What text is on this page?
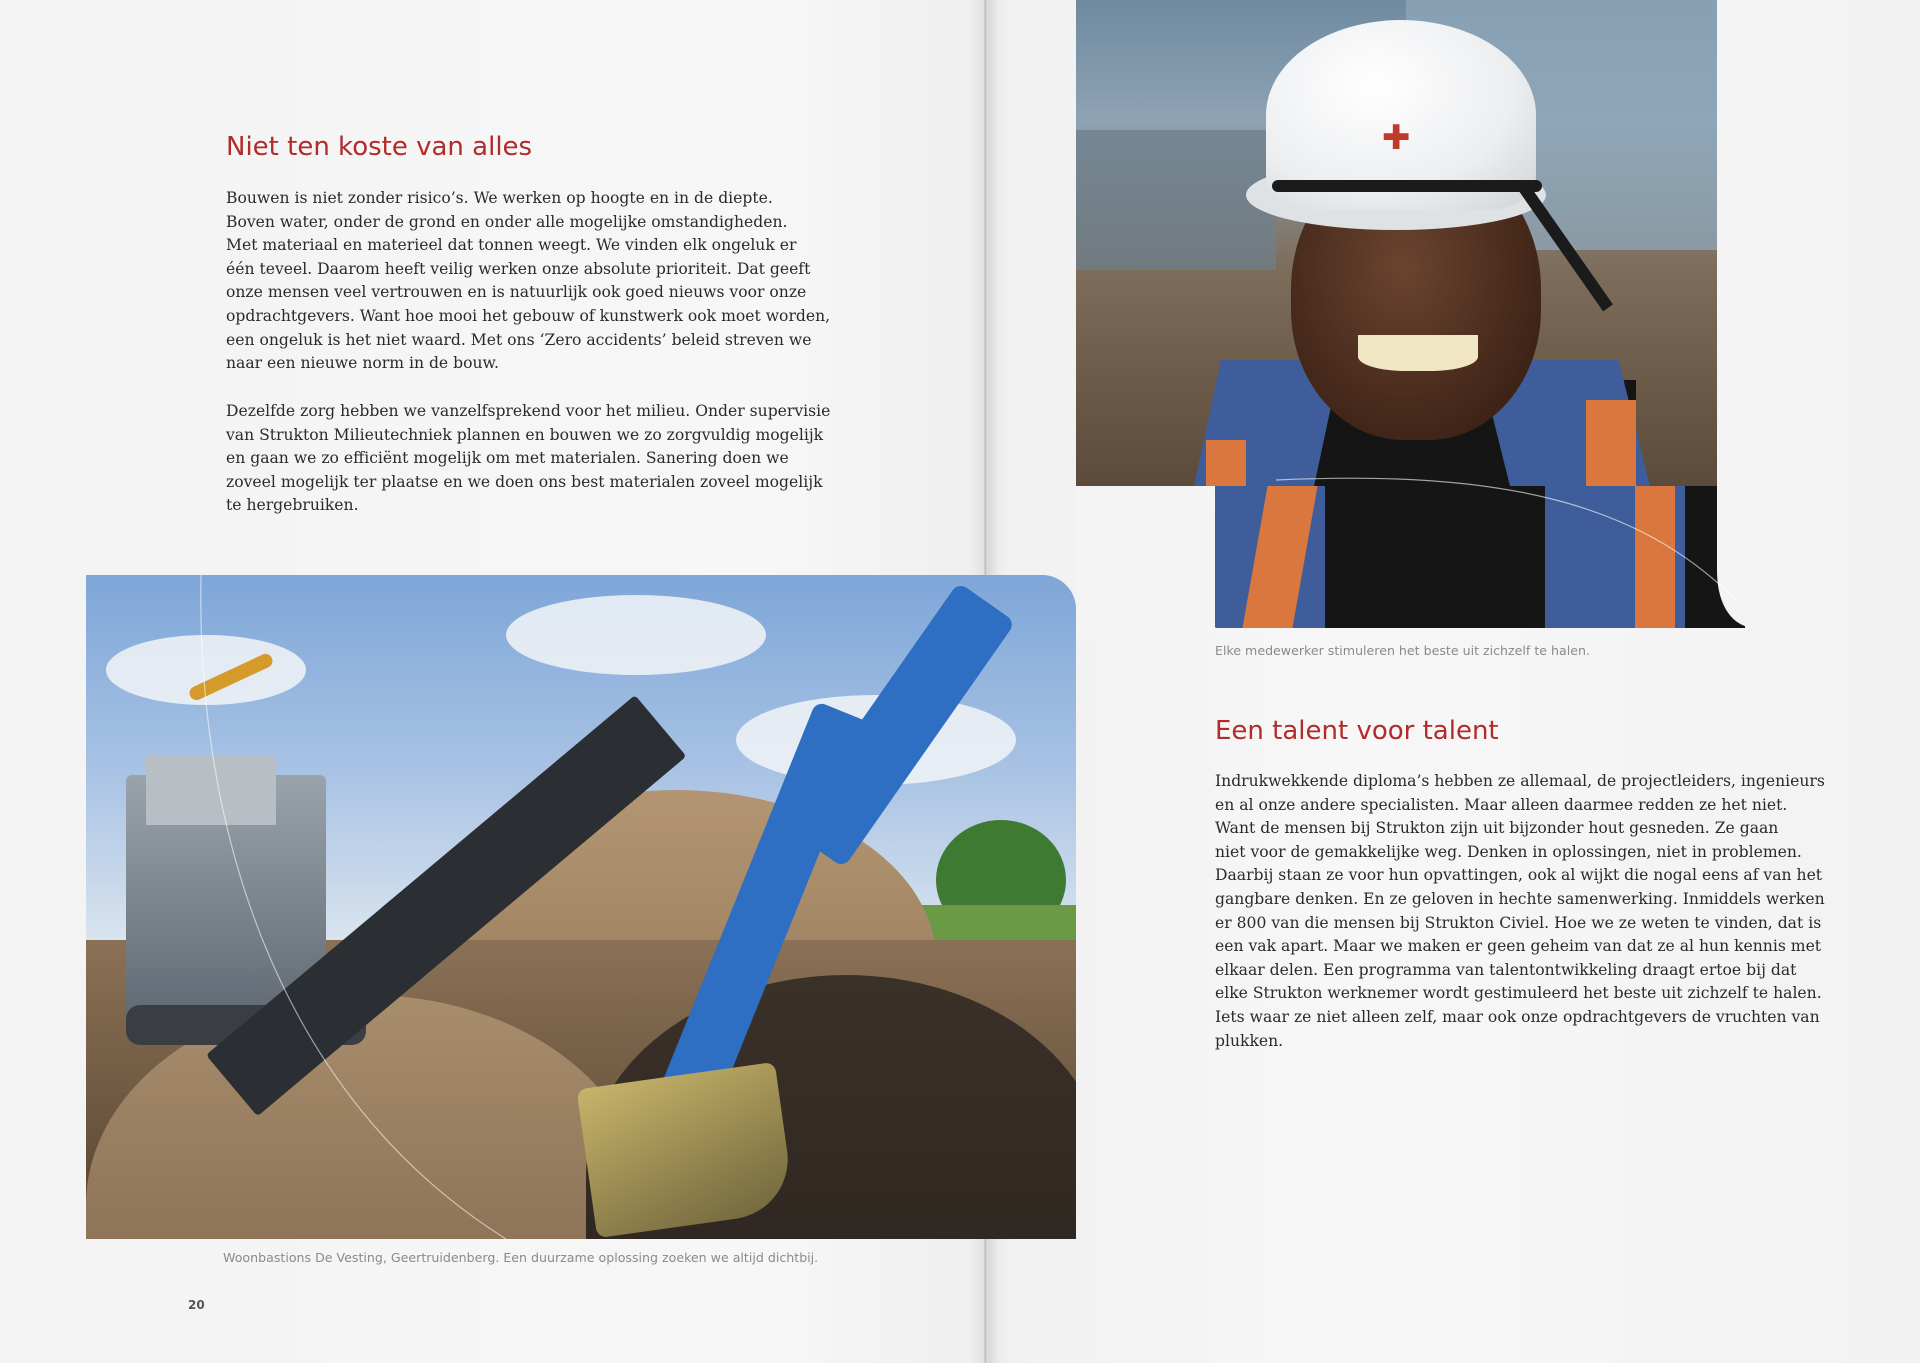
Niet ten koste van alles
Bouwen is niet zonder risico’s. We werken op hoogte en in de diepte.
Boven water, onder de grond en onder alle mogelijke omstandigheden.
Met materiaal en materieel dat tonnen weegt. We vinden elk ongeluk er
één teveel. Daarom heeft veilig werken onze absolute prioriteit. Dat geeft
onze mensen veel vertrouwen en is natuurlijk ook goed nieuws voor onze
opdrachtgevers. Want hoe mooi het gebouw of kunstwerk ook moet worden,
een ongeluk is het niet waard. Met ons ‘Zero accidents’ beleid streven we
naar een nieuwe norm in de bouw.
Dezelfde zorg hebben we vanzelfsprekend voor het milieu. Onder supervisie
van Strukton Milieutechniek plannen en bouwen we zo zorgvuldig mogelijk
en gaan we zo efficiënt mogelijk om met materialen. Sanering doen we
zoveel mogelijk ter plaatse en we doen ons best materialen zoveel mogelijk
te hergebruiken.

Woonbastions De Vesting, Geertruidenberg. Een duurzame oplossing zoeken we altijd dichtbij.

20
✚

Elke medewerker stimuleren het beste uit zichzelf te halen.

Een talent voor talent
Indrukwekkende diploma’s hebben ze allemaal, de projectleiders, ingenieurs
en al onze andere specialisten. Maar alleen daarmee redden ze het niet.
Want de mensen bij Strukton zijn uit bijzonder hout gesneden. Ze gaan
niet voor de gemakkelijke weg. Denken in oplossingen, niet in problemen.
Daarbij staan ze voor hun opvattingen, ook al wijkt die nogal eens af van het
gangbare denken. En ze geloven in hechte samenwerking. Inmiddels werken
er 800 van die mensen bij Strukton Civiel. Hoe we ze weten te vinden, dat is
een vak apart. Maar we maken er geen geheim van dat ze al hun kennis met
elkaar delen. Een programma van talentontwikkeling draagt ertoe bij dat
elke Strukton werknemer wordt gestimuleerd het beste uit zichzelf te halen.
Iets waar ze niet alleen zelf, maar ook onze opdrachtgevers de vruchten van
plukken.
